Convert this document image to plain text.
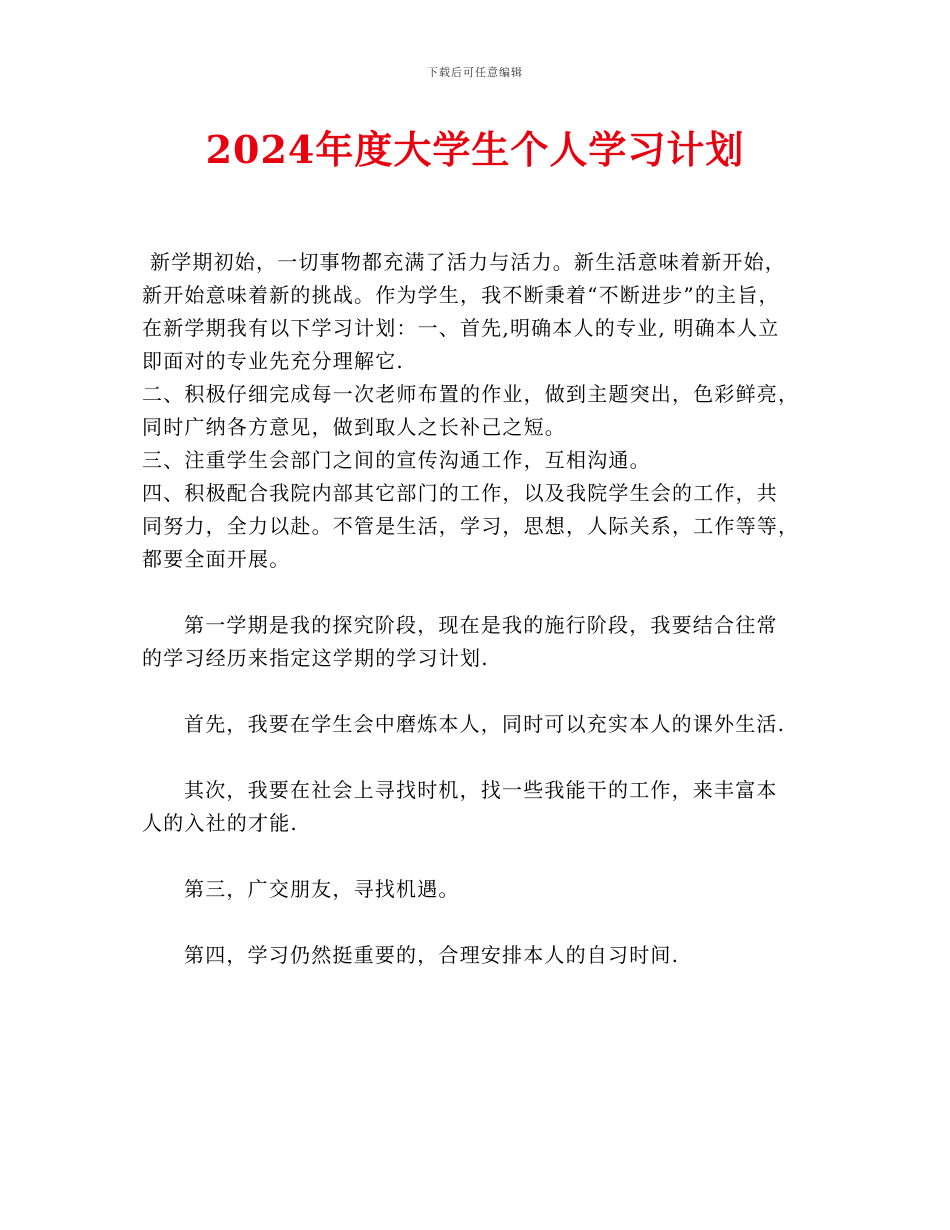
下载后可任意编辑
2024年度大学生个人学习计划

新学期初始，一切事物都充满了活力与活力。新生活意味着新开始，

新开始意味着新的挑战。作为学生，我不断秉着“不断进步”的主旨，

在新学期我有以下学习计划：一、首先,明确本人的专业, 明确本人立

即面对的专业先充分理解它.

二、积极仔细完成每一次老师布置的作业，做到主题突出，色彩鲜亮，

同时广纳各方意见，做到取人之长补己之短。

三、注重学生会部门之间的宣传沟通工作，互相沟通。

四、积极配合我院内部其它部门的工作，以及我院学生会的工作，共

同努力，全力以赴。不管是生活，学习，思想，人际关系，工作等等，

都要全面开展。

第一学期是我的探究阶段，现在是我的施行阶段，我要结合往常

的学习经历来指定这学期的学习计划.

首先，我要在学生会中磨炼本人，同时可以充实本人的课外生活.

其次，我要在社会上寻找时机，找一些我能干的工作，来丰富本

人的入社的才能.

第三，广交朋友，寻找机遇。

第四，学习仍然挺重要的，合理安排本人的自习时间.
